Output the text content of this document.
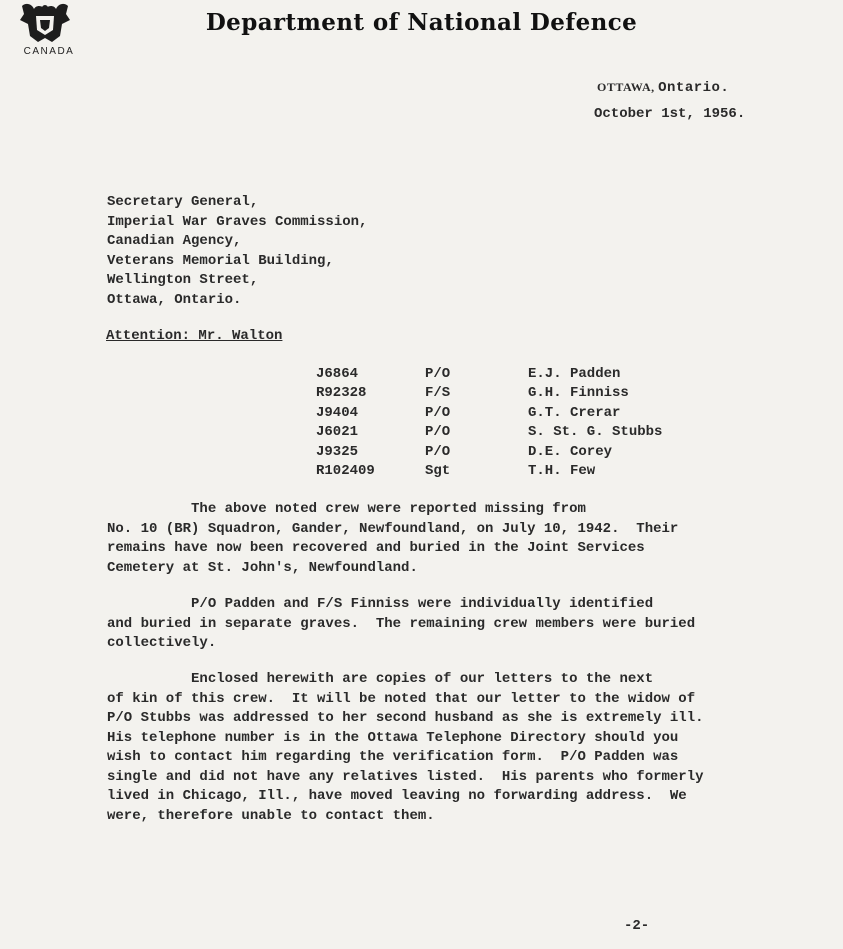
CANADA
Department of National Defence
OTTAWA, Ontario.
October 1st, 1956.
Secretary General,
Imperial War Graves Commission,
Canadian Agency,
Veterans Memorial Building,
Wellington Street,
Ottawa, Ontario.
Attention: Mr. Walton
J6864	P/O	E.J. Padden
R92328	F/S	G.H. Finniss
J9404	P/O	G.T. Crerar
J6021	P/O	S. St. G. Stubbs
J9325	P/O	D.E. Corey
R102409	Sgt	T.H. Few
The above noted crew were reported missing from
No. 10 (BR) Squadron, Gander, Newfoundland, on July 10, 1942.  Their
remains have now been recovered and buried in the Joint Services
Cemetery at St. John's, Newfoundland.
P/O Padden and F/S Finniss were individually identified
and buried in separate graves.  The remaining crew members were buried
collectively.
Enclosed herewith are copies of our letters to the next
of kin of this crew.  It will be noted that our letter to the widow of
P/O Stubbs was addressed to her second husband as she is extremely ill.
His telephone number is in the Ottawa Telephone Directory should you
wish to contact him regarding the verification form.  P/O Padden was
single and did not have any relatives listed.  His parents who formerly
lived in Chicago, Ill., have moved leaving no forwarding address.  We
were, therefore unable to contact them.
-2-
